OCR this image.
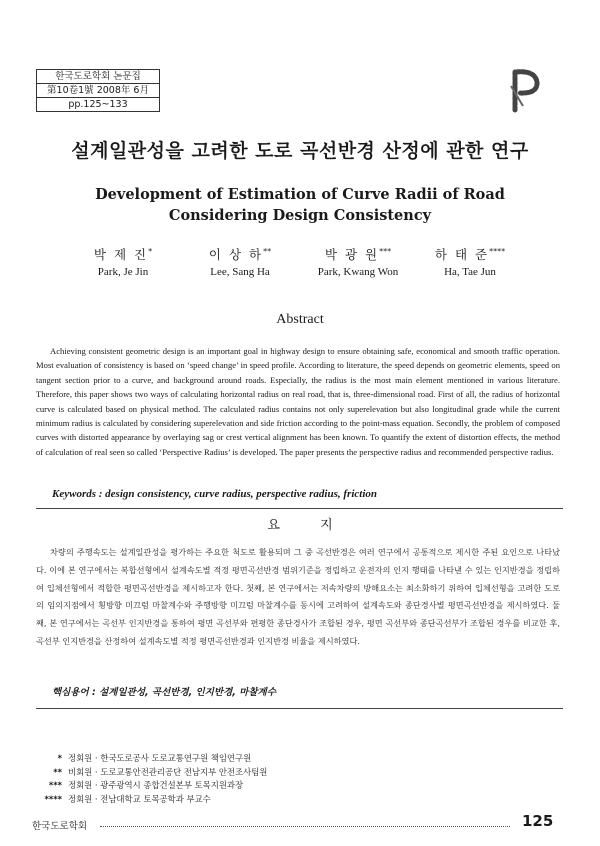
한국도로학회 논문집
第10卷1號 2008年 6月
pp.125~133
설계일관성을 고려한 도로 곡선반경 산정에 관한 연구
Development of Estimation of Curve Radii of Road
Considering Design Consistency
박 제 진*
Park, Je Jin
이 상 하**
Lee, Sang Ha
박 광 원***
Park, Kwang Won
하 태 준****
Ha, Tae Jun
Abstract
Achieving consistent geometric design is an important goal in highway design to ensure obtaining safe, economical and smooth traffic operation. Most evaluation of consistency is based on ‘speed change’ in speed profile. According to literature, the speed depends on geometric elements, speed on tangent section prior to a curve, and background around roads. Especially, the radius is the most main element mentioned in various literature. Therefore, this paper shows two ways of calculating horizontal radius on real road, that is, three-dimensional road. First of all, the radius of horizontal curve is calculated based on physical method. The calculated radius contains not only superelevation but also longitudinal grade while the current minimum radius is calculated by considering superelevation and side friction according to the point-mass equation. Secondly, the problem of composed curves with distorted appearance by overlaying sag or crest vertical alignment has been known. To quantify the extent of distortion effects, the method of calculation of real seen so called ‘Perspective Radius’ is developed. The paper presents the perspective radius and recommended perspective radius.
Keywords : design consistency, curve radius, perspective radius, friction
요 지
차량의 주행속도는 설계일관성을 평가하는 주요한 척도로 활용되며 그 중 곡선반경은 여러 연구에서 공통적으로 제시한 주된 요인으로 나타났다. 이에 본 연구에서는 복합선형에서 설계속도별 적정 평면곡선반경 범위기준을 정립하고 운전자의 인지 행태를 나타낸 수 있는 인지반경을 정립하여 입체선형에서 적합한 평면곡선반경을 제시하고자 한다. 첫째, 본 연구에서는 저속차량의 방해요소는 최소화하기 위하여 입체선형을 고려한 도로의 임의지점에서 횡방향 미끄럼 마찰계수와 주행방향 미끄럼 마찰계수를 동시에 고려하여 설계속도와 종단경사별 평면곡선반경을 제시하였다. 둘째, 본 연구에서는 곡선부 인지반경을 통하여 평면 곡선부와 편평한 종단경사가 조합된 경우, 평면 곡선부와 종단곡선부가 조합된 경우를 비교한 후, 곡선부 인지반경을 산정하여 설계속도별 적정 평면곡선반경과 인지반경 비율을 제시하였다.
핵심용어 : 설계일관성, 곡선반경, 인지반경, 마찰계수
* 정회원 · 한국도로공사 도로교통연구원 책임연구원
** 비회원 · 도로교통안전관리공단 전남지부 안전조사팀원
*** 정회원 · 광주광역시 종합건설본부 토목지원과장
**** 정회원 · 전남대학교 토목공학과 부교수
한국도로학회	125
